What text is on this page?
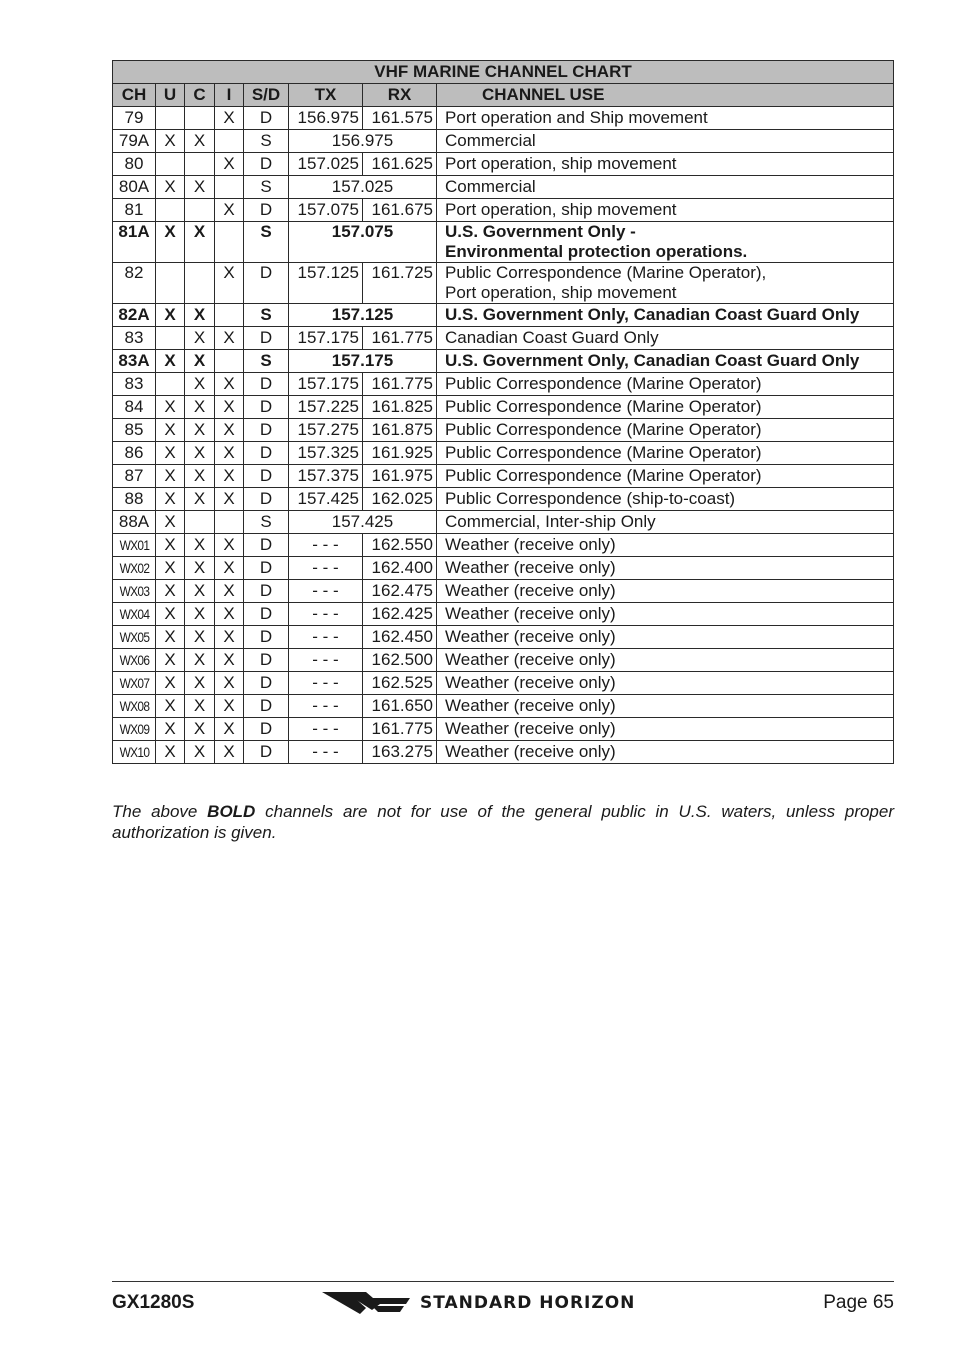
VHF MARINE CHANNEL CHART							
CH	U	C	I	S/D	TX	RX	CHANNEL USE
79			X	D	156.975	161.575	Port operation and Ship movement

79A	X	X		S	156.975		Commercial

80			X	D	157.025	161.625	Port operation, ship movement

80A	X	X		S	157.025		Commercial

81			X	D	157.075	161.675	Port operation, ship movement

81A	X	X		S	157.075		U.S. Government Only -
Environmental protection operations.

82			X	D	157.125	161.725	Public Correspondence (Marine Operator),
Port operation, ship movement

82A	X	X		S	157.125		U.S. Government Only, Canadian Coast Guard Only

83		X	X	D	157.175	161.775	Canadian Coast Guard Only

83A	X	X		S	157.175		U.S. Government Only, Canadian Coast Guard Only

83		X	X	D	157.175	161.775	Public Correspondence (Marine Operator)

84	X	X	X	D	157.225	161.825	Public Correspondence (Marine Operator)

85	X	X	X	D	157.275	161.875	Public Correspondence (Marine Operator)

86	X	X	X	D	157.325	161.925	Public Correspondence (Marine Operator)

87	X	X	X	D	157.375	161.975	Public Correspondence (Marine Operator)

88	X	X	X	D	157.425	162.025	Public Correspondence (ship-to-coast)

88A	X			S	157.425		Commercial, Inter-ship Only

WX01	X	X	X	D	- - -	162.550	Weather (receive only)

WX02	X	X	X	D	- - -	162.400	Weather (receive only)

WX03	X	X	X	D	- - -	162.475	Weather (receive only)

WX04	X	X	X	D	- - -	162.425	Weather (receive only)

WX05	X	X	X	D	- - -	162.450	Weather (receive only)

WX06	X	X	X	D	- - -	162.500	Weather (receive only)

WX07	X	X	X	D	- - -	162.525	Weather (receive only)

WX08	X	X	X	D	- - -	161.650	Weather (receive only)

WX09	X	X	X	D	- - -	161.775	Weather (receive only)

WX10	X	X	X	D	- - -	163.275	Weather (receive only)
The above BOLD channels are not for use of the general public in U.S. waters, unless proper authorization is given.
GX1280S	STANDARD HORIZON	Page 65
